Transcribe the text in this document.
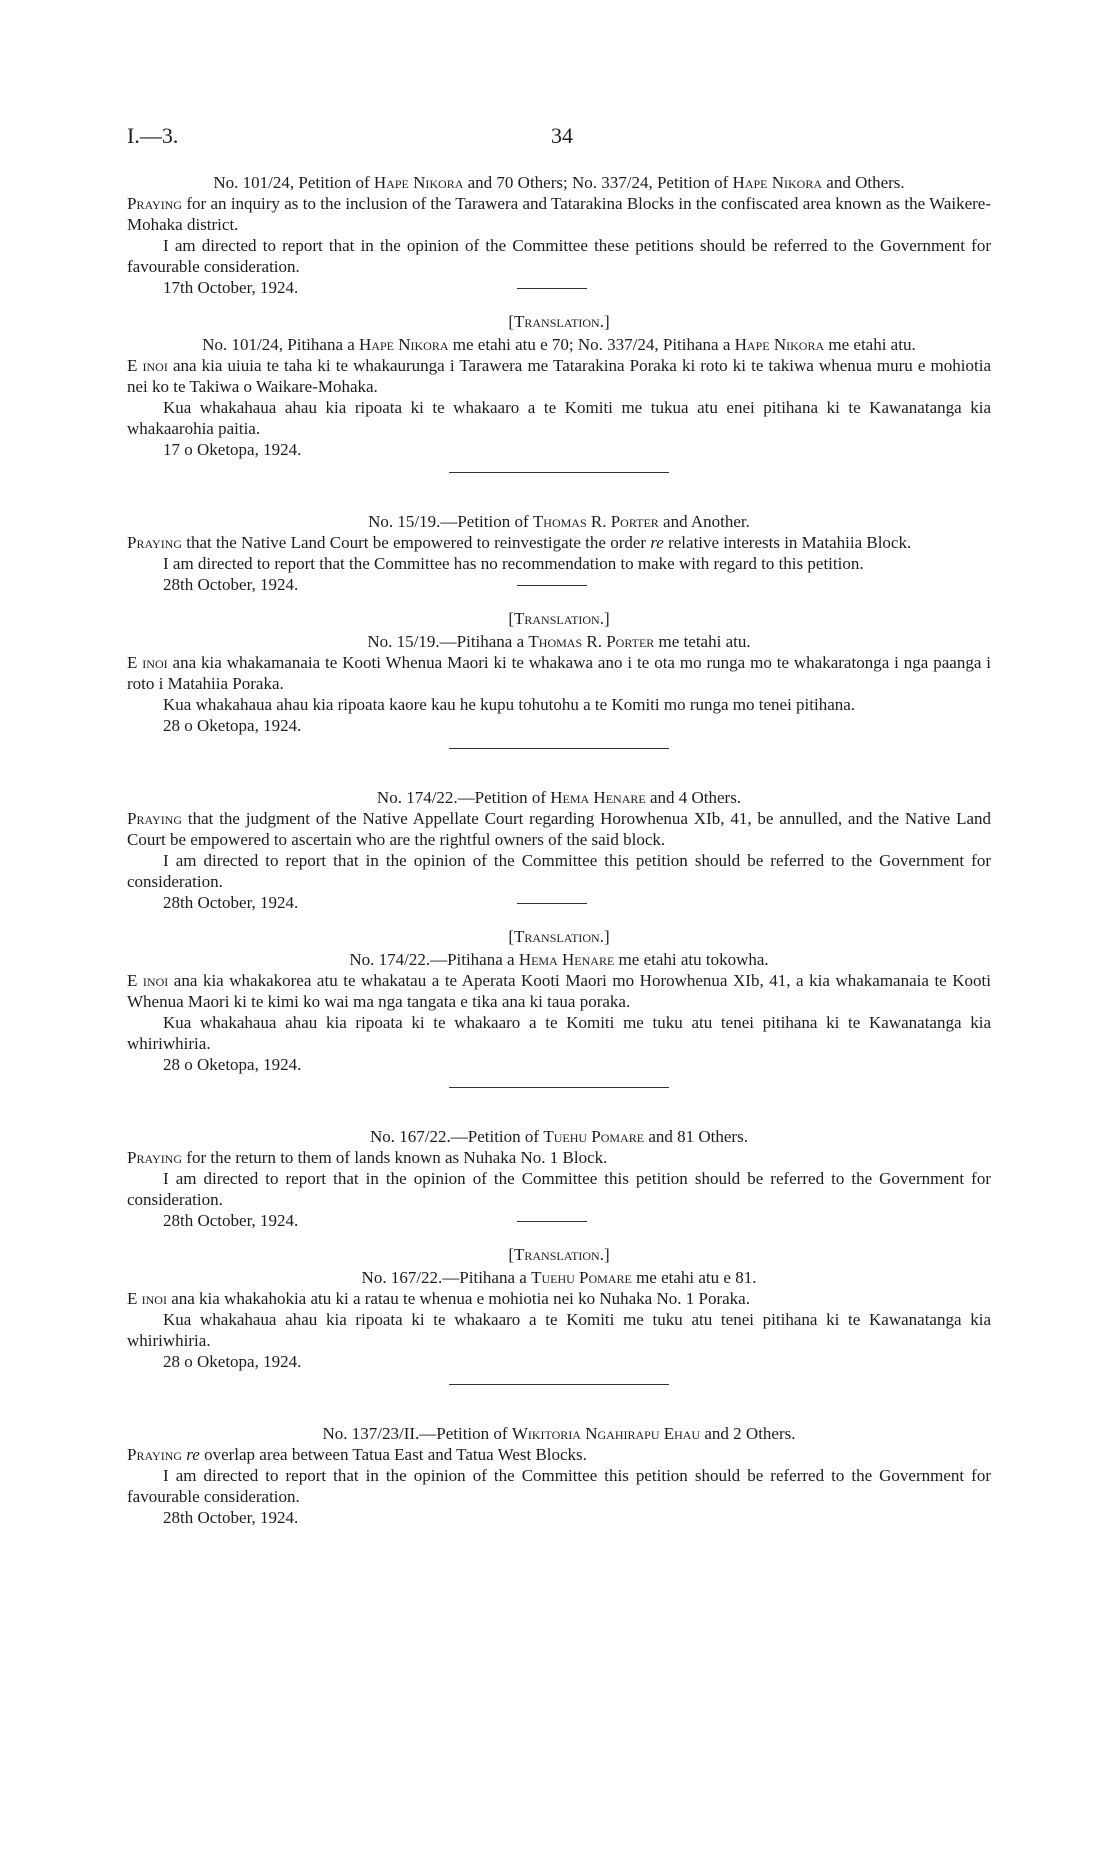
I.—3.	34

No. 101/24, Petition of Hape Nikora and 70 Others; No. 337/24, Petition of Hape Nikora and Others.

Praying for an inquiry as to the inclusion of the Tarawera and Tatarakina Blocks in the confiscated area known as the Waikere-Mohaka district.

I am directed to report that in the opinion of the Committee these petitions should be referred to the Government for favourable consideration.

17th October, 1924.

[Translation.]

No. 101/24, Pitihana a Hape Nikora me etahi atu e 70; No. 337/24, Pitihana a Hape Nikora me etahi atu.

E inoi ana kia uiuia te taha ki te whakaurunga i Tarawera me Tatarakina Poraka ki roto ki te takiwa whenua muru e mohiotia nei ko te Takiwa o Waikare-Mohaka.

Kua whakahaua ahau kia ripoata ki te whakaaro a te Komiti me tukua atu enei pitihana ki te Kawanatanga kia whakaarohia paitia.

17 o Oketopa, 1924.

No. 15/19.—Petition of Thomas R. Porter and Another.

Praying that the Native Land Court be empowered to reinvestigate the order re relative interests in Matahiia Block.

I am directed to report that the Committee has no recommendation to make with regard to this petition.

28th October, 1924.

[Translation.]

No. 15/19.—Pitihana a Thomas R. Porter me tetahi atu.

E inoi ana kia whakamanaia te Kooti Whenua Maori ki te whakawa ano i te ota mo runga mo te whakaratonga i nga paanga i roto i Matahiia Poraka.

Kua whakahaua ahau kia ripoata kaore kau he kupu tohutohu a te Komiti mo runga mo tenei pitihana.

28 o Oketopa, 1924.

No. 174/22.—Petition of Hema Henare and 4 Others.

Praying that the judgment of the Native Appellate Court regarding Horowhenua XIb, 41, be annulled, and the Native Land Court be empowered to ascertain who are the rightful owners of the said block.

I am directed to report that in the opinion of the Committee this petition should be referred to the Government for consideration.

28th October, 1924.

[Translation.]

No. 174/22.—Pitihana a Hema Henare me etahi atu tokowha.

E inoi ana kia whakakorea atu te whakatau a te Aperata Kooti Maori mo Horowhenua XIb, 41, a kia whakamanaia te Kooti Whenua Maori ki te kimi ko wai ma nga tangata e tika ana ki taua poraka.

Kua whakahaua ahau kia ripoata ki te whakaaro a te Komiti me tuku atu tenei pitihana ki te Kawanatanga kia whiriwhiria.

28 o Oketopa, 1924.

No. 167/22.—Petition of Tuehu Pomare and 81 Others.

Praying for the return to them of lands known as Nuhaka No. 1 Block.

I am directed to report that in the opinion of the Committee this petition should be referred to the Government for consideration.

28th October, 1924.

[Translation.]

No. 167/22.—Pitihana a Tuehu Pomare me etahi atu e 81.

E inoi ana kia whakahokia atu ki a ratau te whenua e mohiotia nei ko Nuhaka No. 1 Poraka.

Kua whakahaua ahau kia ripoata ki te whakaaro a te Komiti me tuku atu tenei pitihana ki te Kawanatanga kia whiriwhiria.

28 o Oketopa, 1924.

No. 137/23/II.—Petition of Wikitoria Ngahirapu Ehau and 2 Others.

Praying re overlap area between Tatua East and Tatua West Blocks.

I am directed to report that in the opinion of the Committee this petition should be referred to the Government for favourable consideration.

28th October, 1924.
